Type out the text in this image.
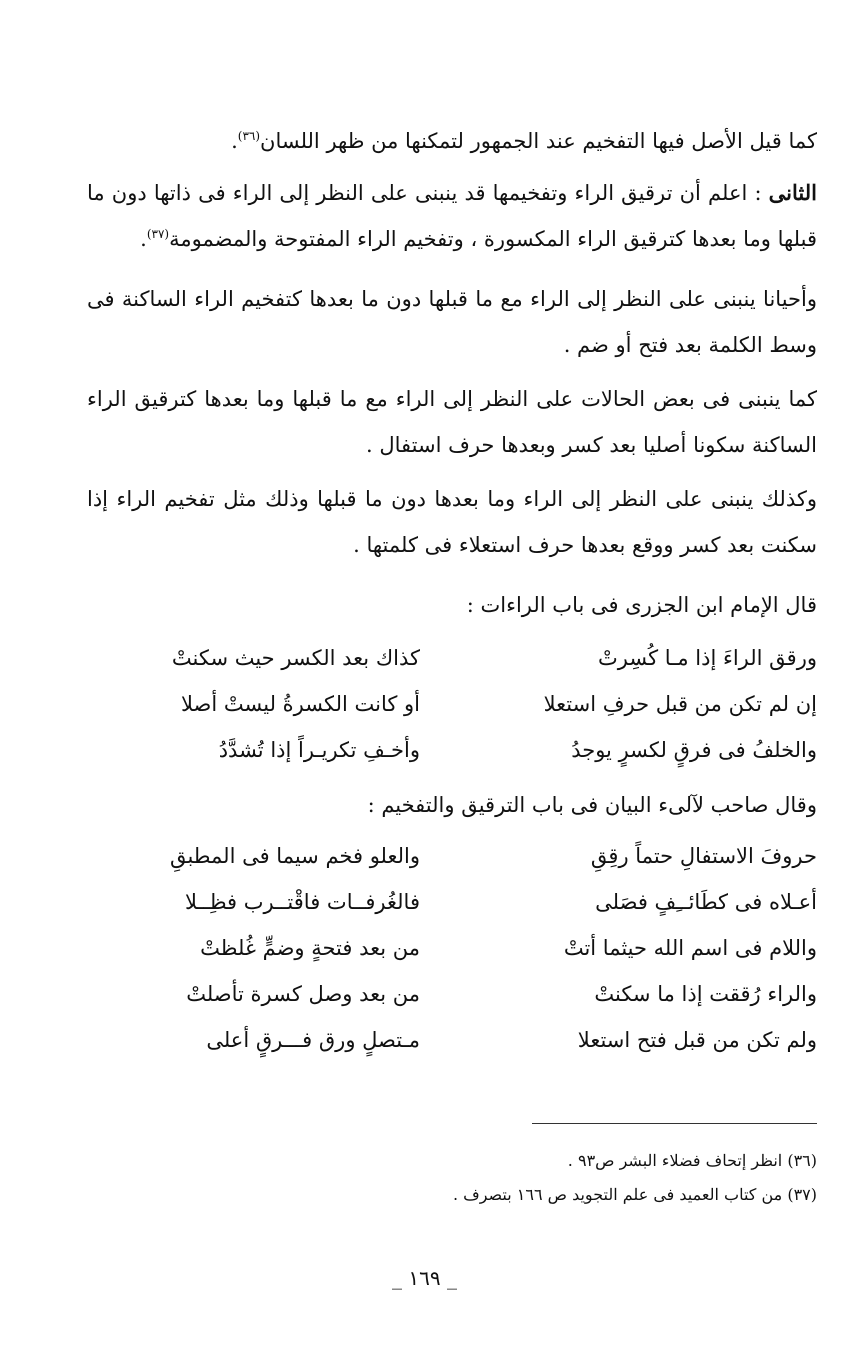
كما قيل الأصل فيها التفخيم عند الجمهور لتمكنها من ظهر اللسان$^{(٣٦)}$.
الثانى : اعلم أن ترقيق الراء وتفخيمها قد ينبنى على النظر إلى الراء فى ذاتها دون ما قبلها وما بعدها كترقيق الراء المكسورة ، وتفخيم الراء المفتوحة والمضمومة$^{(٣٧)}$.
وأحيانا ينبنى على النظر إلى الراء مع ما قبلها دون ما بعدها كتفخيم الراء الساكنة فى وسط الكلمة بعد فتح أو ضم .
كما ينبنى فى بعض الحالات على النظر إلى الراء مع ما قبلها وما بعدها كترقيق الراء الساكنة سكونا أصليا بعد كسر وبعدها حرف استفال .
وكذلك ينبنى على النظر إلى الراء وما بعدها دون ما قبلها وذلك مثل تفخيم الراء إذا سكنت بعد كسر ووقع بعدها حرف استعلاء فى كلمتها .
قال الإمام ابن الجزرى فى باب الراءات :
ورقق الراءَ إذا مـا كُسِرتْ
كذاك بعد الكسر حيث سكنتْ
إن لم تكن من قبل حرفِ استعلا
أو كانت الكسرةُ ليستْ أصلا
والخلفُ فى فرقٍ لكسرٍ يوجدُ
وأخـفِ تكريـراً إذا تُشدَّدُ
وقال صاحب لآلىء البيان فى باب الترقيق والتفخيم :
حروفَ الاستفالِ حتماً رقِقِ
والعلو فخم سيما فى المطبقِ
أعـلاه فى كطَائــِفٍ فصَلى
فالغُرفــات فاقْتــرب فظِــلا
واللام فى اسم الله حيثما أتتْ
من بعد فتحةٍ وضمٍّ غُلظتْ
والراء رُققت إذا ما سكنتْ
من بعد وصل كسرة تأصلتْ
ولم تكن من قبل فتح استعلا
مـتصلٍ ورق فـــرقٍ أعلى
(٣٦) انظر إتحاف فضلاء البشر ص٩٣ .
(٣٧) من كتاب العميد فى علم التجويد ص ١٦٦ بتصرف .
_ ١٦٩ _
